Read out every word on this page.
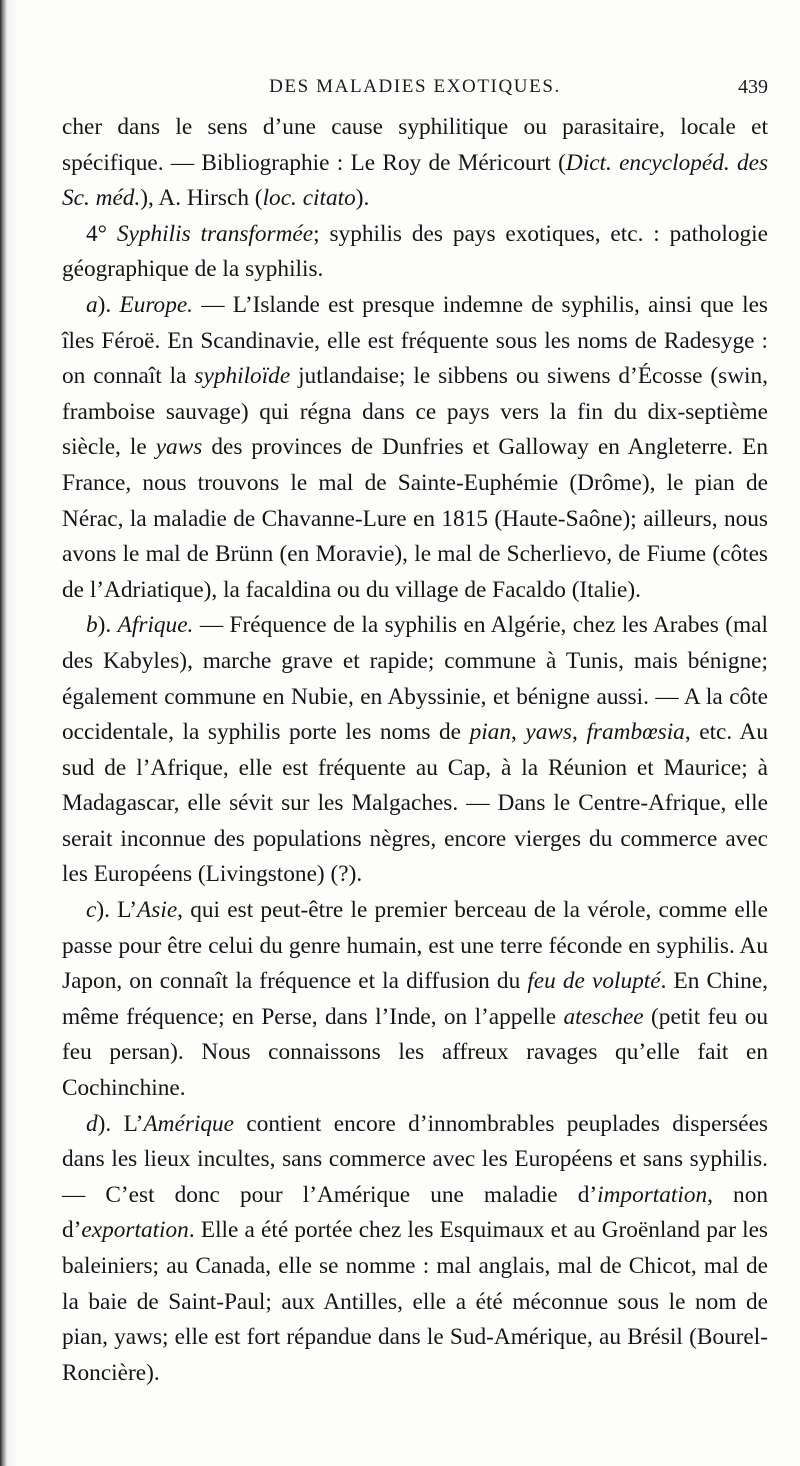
DES MALADIES EXOTIQUES.	439

cher dans le sens d’une cause syphilitique ou parasitaire, locale et spécifique. — Bibliographie : Le Roy de Méricourt (Dict. encyclopéd. des Sc. méd.), A. Hirsch (loc. citato).

4° Syphilis transformée; syphilis des pays exotiques, etc. : pathologie géographique de la syphilis.

a). Europe. — L’Islande est presque indemne de syphilis, ainsi que les îles Féroë. En Scandinavie, elle est fréquente sous les noms de Radesyge : on connaît la syphiloïde jutlandaise; le sibbens ou siwens d’Écosse (swin, framboise sauvage) qui régna dans ce pays vers la fin du dix-septième siècle, le yaws des provinces de Dunfries et Galloway en Angleterre. En France, nous trouvons le mal de Sainte-Euphémie (Drôme), le pian de Nérac, la maladie de Chavanne-Lure en 1815 (Haute-Saône); ailleurs, nous avons le mal de Brünn (en Moravie), le mal de Scherlievo, de Fiume (côtes de l’Adriatique), la facaldina ou du village de Facaldo (Italie).

b). Afrique. — Fréquence de la syphilis en Algérie, chez les Arabes (mal des Kabyles), marche grave et rapide; commune à Tunis, mais bénigne; également commune en Nubie, en Abyssinie, et bénigne aussi. — A la côte occidentale, la syphilis porte les noms de pian, yaws, frambœsia, etc. Au sud de l’Afrique, elle est fréquente au Cap, à la Réunion et Maurice; à Madagascar, elle sévit sur les Malgaches. — Dans le Centre-Afrique, elle serait inconnue des populations nègres, encore vierges du commerce avec les Européens (Livingstone) (?).

c). L’Asie, qui est peut-être le premier berceau de la vérole, comme elle passe pour être celui du genre humain, est une terre féconde en syphilis. Au Japon, on connaît la fréquence et la diffusion du feu de volupté. En Chine, même fréquence; en Perse, dans l’Inde, on l’appelle ateschee (petit feu ou feu persan). Nous connaissons les affreux ravages qu’elle fait en Cochinchine.

d). L’Amérique contient encore d’innombrables peuplades dispersées dans les lieux incultes, sans commerce avec les Européens et sans syphilis. — C’est donc pour l’Amérique une maladie d’importation, non d’exportation. Elle a été portée chez les Esquimaux et au Groënland par les baleiniers; au Canada, elle se nomme : mal anglais, mal de Chicot, mal de la baie de Saint-Paul; aux Antilles, elle a été méconnue sous le nom de pian, yaws; elle est fort répandue dans le Sud-Amérique, au Brésil (Bourel-Roncière).
